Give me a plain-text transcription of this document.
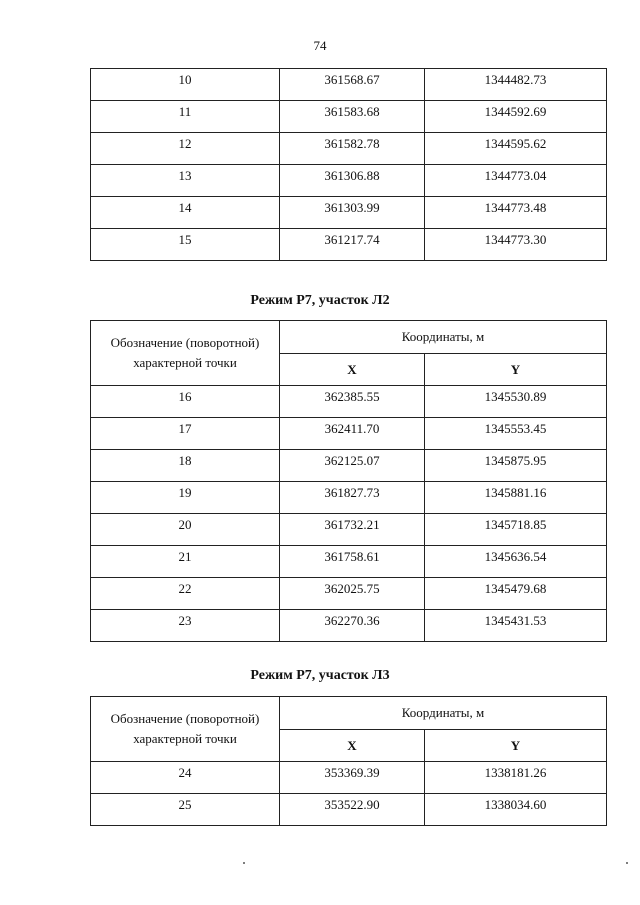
74
10	361568.67	1344482.73
11	361583.68	1344592.69
12	361582.78	1344595.62
13	361306.88	1344773.04
14	361303.99	1344773.48
15	361217.74	1344773.30
Режим Р7, участок Л2
Обозначение (поворотной) характерной точки	Координаты, м	
	X	Y
16	362385.55	1345530.89
17	362411.70	1345553.45
18	362125.07	1345875.95
19	361827.73	1345881.16
20	361732.21	1345718.85
21	361758.61	1345636.54
22	362025.75	1345479.68
23	362270.36	1345431.53
Режим Р7, участок Л3
Обозначение (поворотной) характерной точки	Координаты, м	
	X	Y
24	353369.39	1338181.26
25	353522.90	1338034.60
